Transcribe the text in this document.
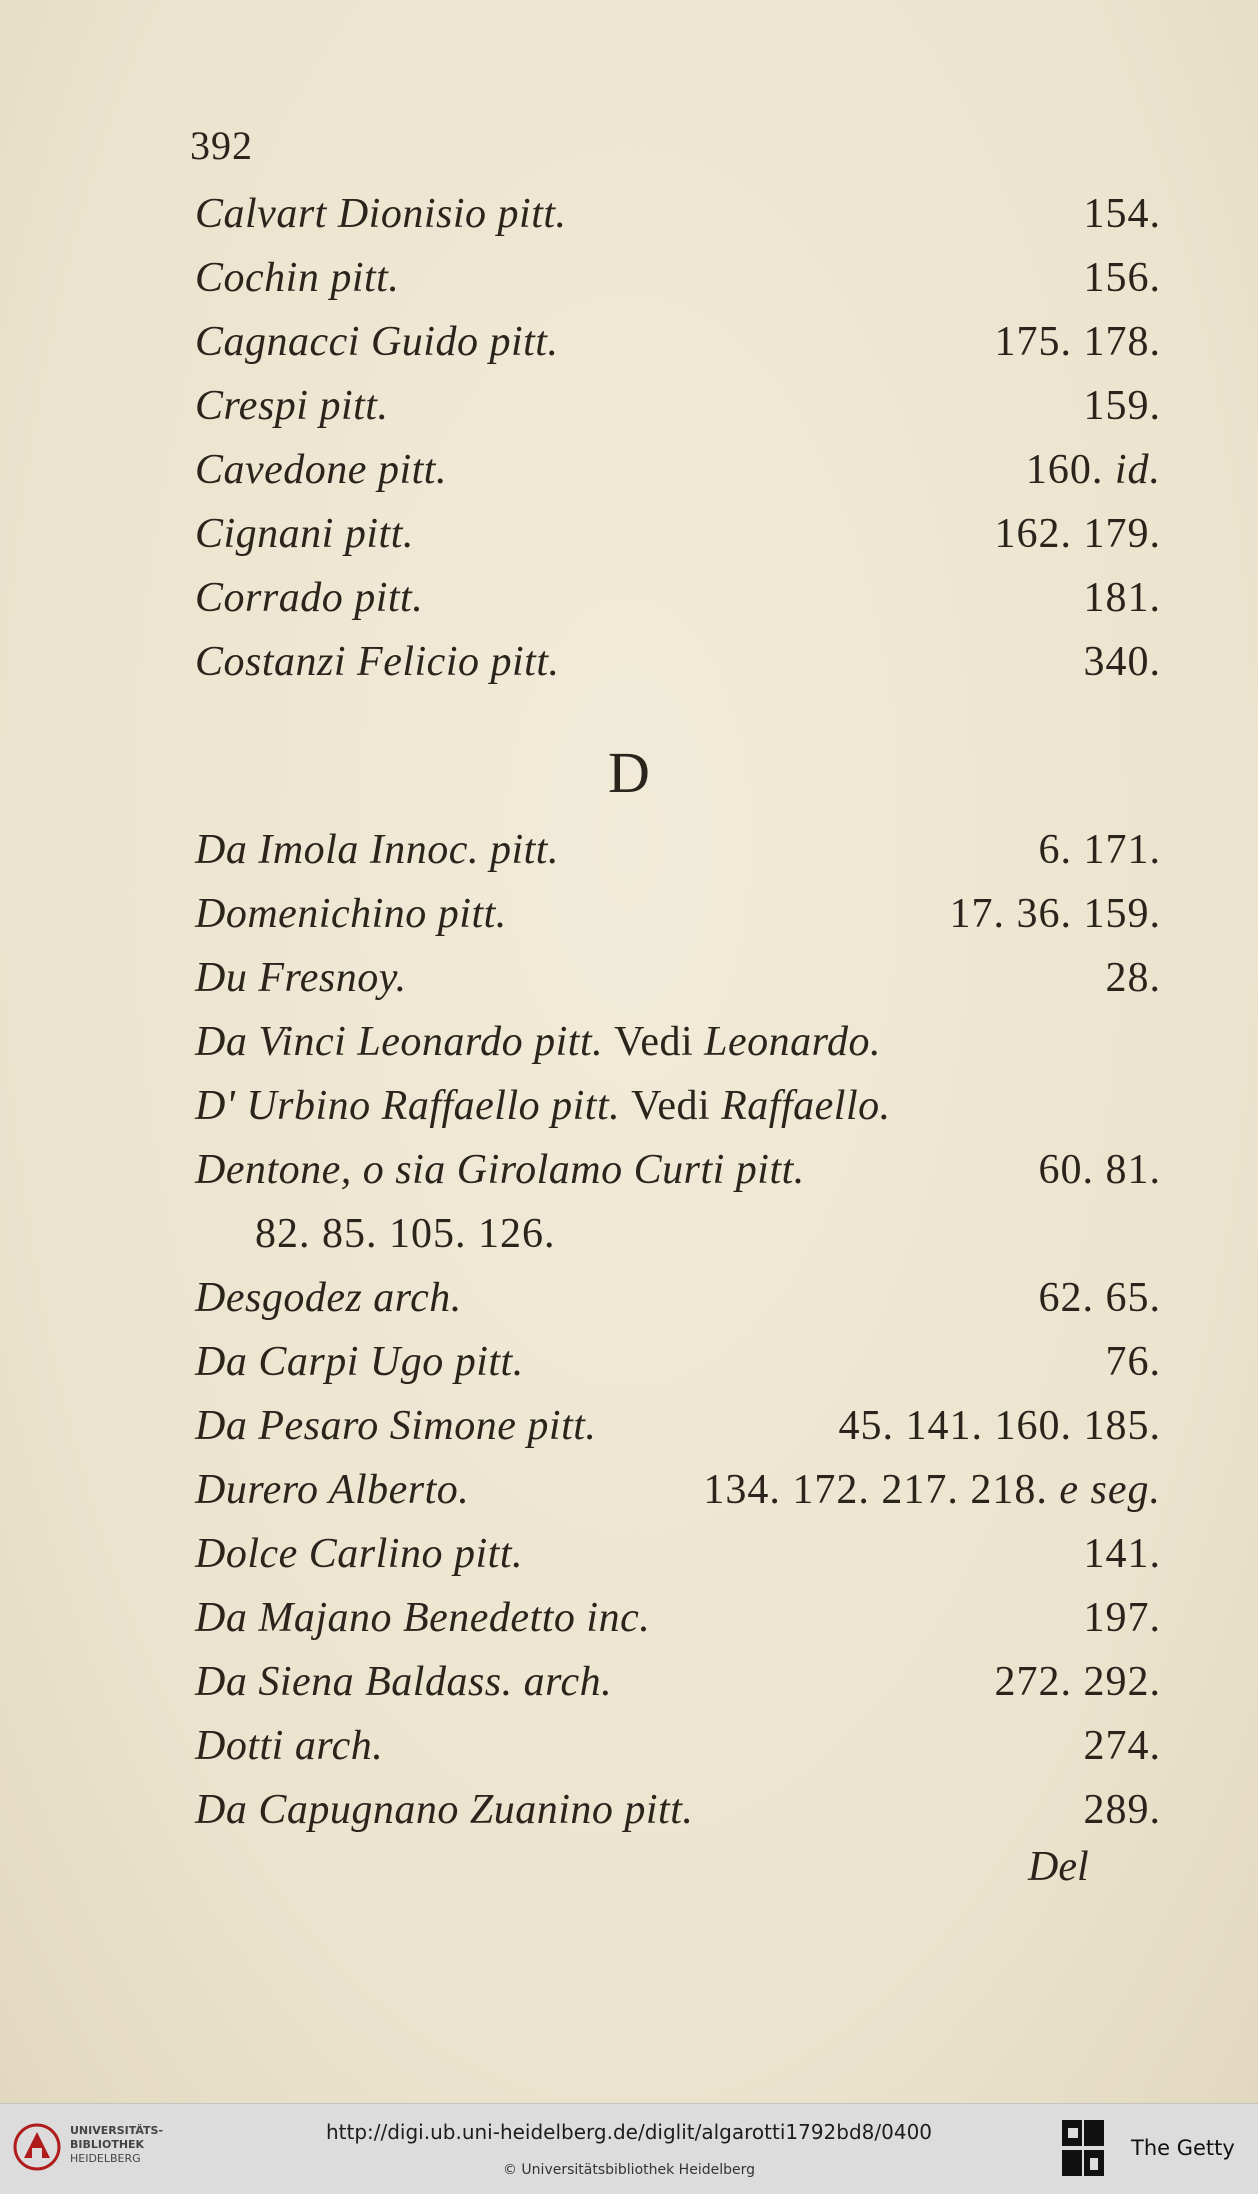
392
Calvart Dionisio pitt.	154.
Cochin pitt.	156.
Cagnacci Guido pitt.	175. 178.
Crespi pitt.	159.
Cavedone pitt.	160. id.
Cignani pitt.	162. 179.
Corrado pitt.	181.
Costanzi Felicio pitt.	340.
Da Imola Innoc. pitt.	6. 171.
Domenichino pitt.	17. 36. 159.
Du Fresnoy.	28.
Da Vinci Leonardo pitt. Vedi Leonardo.
D' Urbino Raffaello pitt. Vedi Raffaello.
Dentone, o sia Girolamo Curti pitt.	60. 81.
82. 85. 105. 126.
Desgodez arch.	62. 65.
Da Carpi Ugo pitt.	76.
Da Pesaro Simone pitt.	45. 141. 160. 185.
Durero Alberto.	134. 172. 217. 218. e seg.
Dolce Carlino pitt.	141.
Da Majano Benedetto inc.	197.
Da Siena Baldass. arch.	272. 292.
Dotti arch.	274.
Da Capugnano Zuanino pitt.	289.
D
Del
UNIVERSITÄTS-
BIBLIOTHEK
HEIDELBERG
http://digi.ub.uni-heidelberg.de/diglit/algarotti1792bd8/0400
© Universitätsbibliothek Heidelberg
The Getty
